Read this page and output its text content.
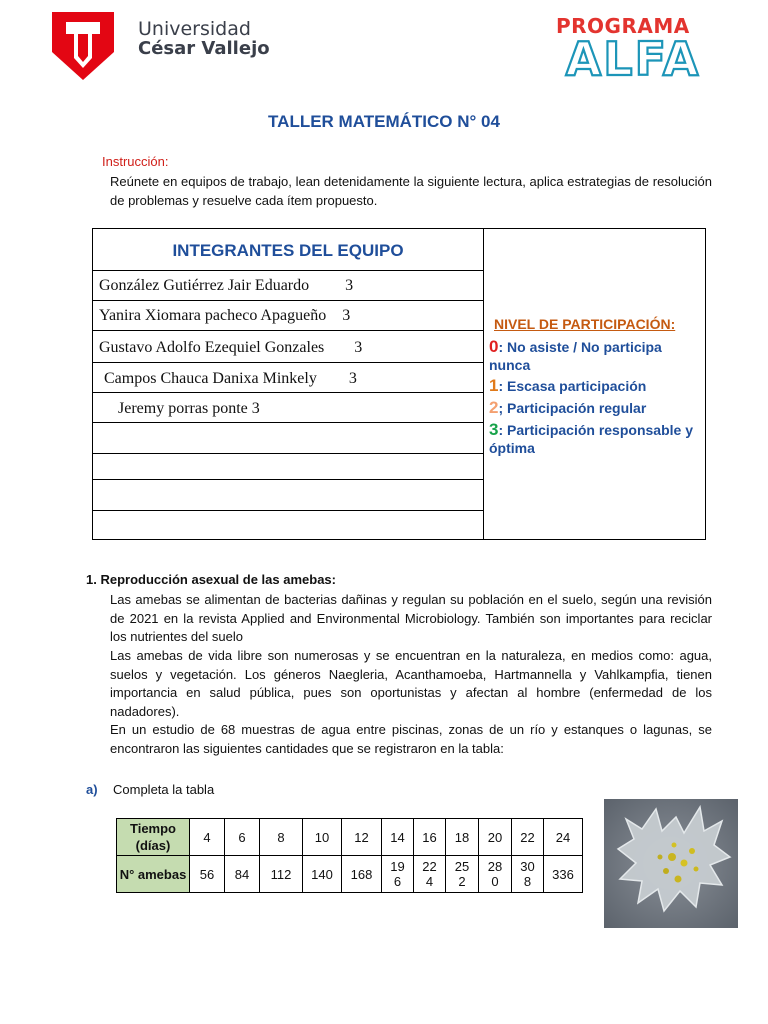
Universidad
César Vallejo
PROGRAMA
ALFA
TALLER MATEMÁTICO N° 04
Instrucción:
Reúnete en equipos de trabajo, lean detenidamente la siguiente lectura, aplica estrategias de resolución de problemas y resuelve cada ítem propuesto.
INTEGRANTES DEL EQUIPO
González Gutiérrez Jair Eduardo 3
Yanira Xiomara pacheco Apagueño 3
Gustavo Adolfo Ezequiel Gonzales 3
Campos Chauca Danixa Minkely 3
Jeremy porras ponte 3
NIVEL DE PARTICIPACIÓN:
0: No asiste / No participa nunca
1: Escasa participación
2; Participación regular
3: Participación responsable y óptima
1. Reproducción asexual de las amebas:
Las amebas se alimentan de bacterias dañinas y regulan su población en el suelo, según una revisión de 2021 en la revista Applied and Environmental Microbiology. También son importantes para reciclar los nutrientes del suelo
Las amebas de vida libre son numerosas y se encuentran en la naturaleza, en medios como: agua, suelos y vegetación. Los géneros Naegleria, Acanthamoeba, Hartmannella y Vahlkampfia, tienen importancia en salud pública, pues son oportunistas y afectan al hombre (enfermedad de los nadadores).
En un estudio de 68 muestras de agua entre piscinas, zonas de un río y estanques o lagunas, se encontraron las siguientes cantidades que se registraron en la tabla:
a) Completa la tabla
Tiempo (días)	4	6	8	10	12	14	16	18	20	22	24
N° amebas	56	84	112	140	168	196	224	252	280	308	336
